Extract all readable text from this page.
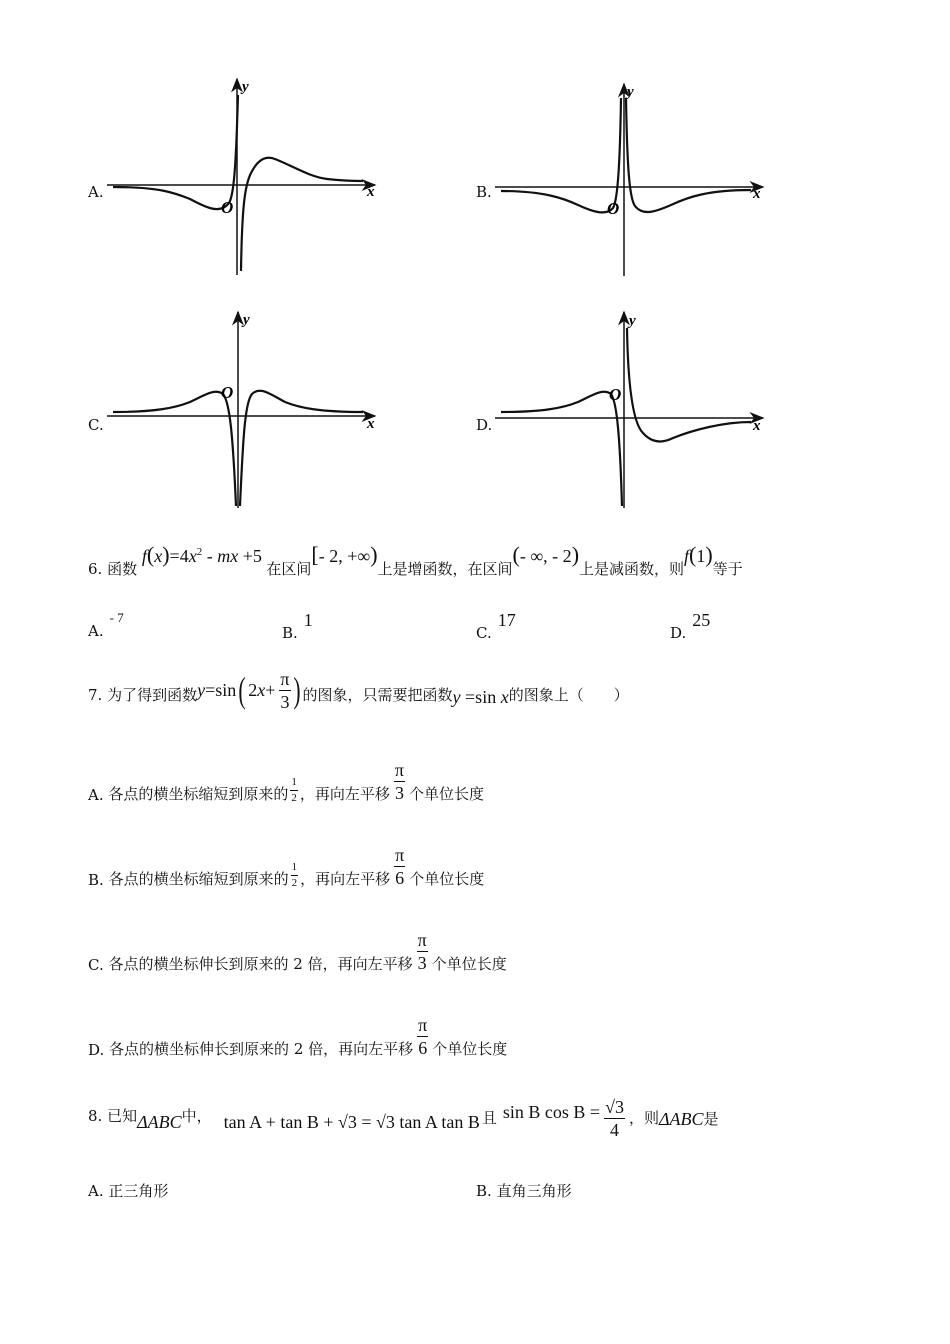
A.
y
x
O
B.
y
x
O
C.
y
x
O
D.
y
x
O
6. 函数 $f(x)=4x^2$ - mx +5 在区间[- 2, +∞)上是增函数，在区间(- ∞, - 2)上是减函数，则f(1)等于
A.- 7
B.1
C.17
D.25
7. 为了得到函数 y =sin ( 2 $x + \frac{\pi}{3}$ ) 的图象，只需要把函数 y =sin x 的图象上（　　）
A.
各点的横坐标缩短到原来的 $\frac{1}{2}$ ，再向左平移 $\frac{\pi}{3}$ 个单位长度
B.
各点的横坐标缩短到原来的 $\frac{1}{2}$ ，再向左平移 $\frac{\pi}{6}$ 个单位长度
C.
各点的横坐标伸长到原来的 2 倍，再向左平移 $\frac{\pi}{3}$ 个单位长度
D.
各点的横坐标伸长到原来的 2 倍，再向左平移 $\frac{\pi}{6}$ 个单位长度
8. 已知 ΔABC 中， tan A + tan B + √3 = √3 tan A tan B 且 sin B $\cos B = \frac{√3}{4}$ ，则 ΔABC 是
A. 正三角形	B. 直角三角形
